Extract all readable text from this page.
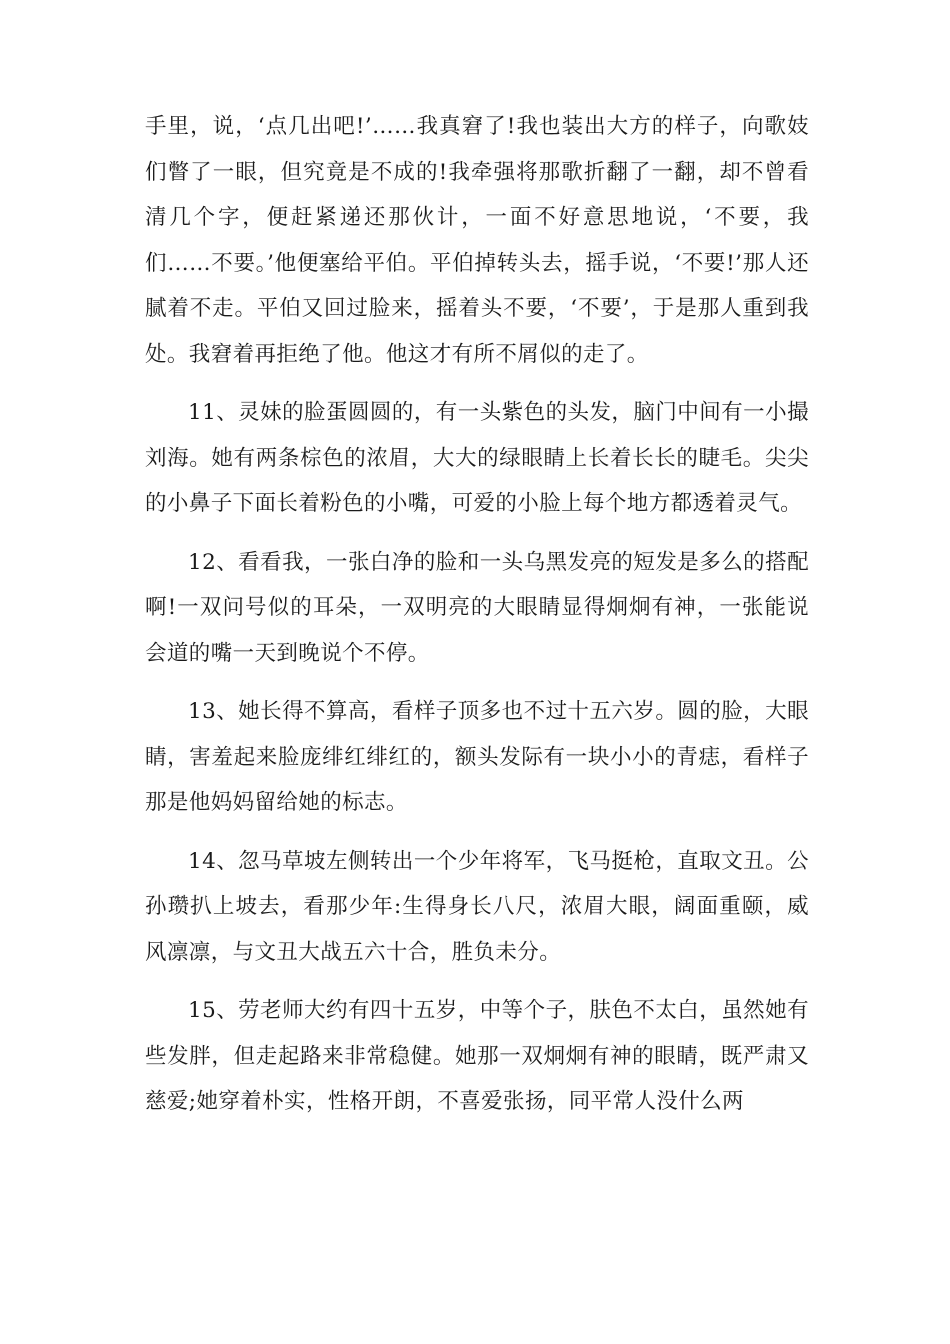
手里，说，‘点几出吧!’……我真窘了!我也装出大方的样子，向歌妓们瞥了一眼，但究竟是不成的!我牵强将那歌折翻了一翻，却不曾看清几个字，便赶紧递还那伙计，一面不好意思地说，‘不要，我们……不要。’他便塞给平伯。平伯掉转头去，摇手说，‘不要!’那人还腻着不走。平伯又回过脸来，摇着头不要，‘不要’，于是那人重到我处。我窘着再拒绝了他。他这才有所不屑似的走了。

11、灵妹的脸蛋圆圆的，有一头紫色的头发，脑门中间有一小撮刘海。她有两条棕色的浓眉，大大的绿眼睛上长着长长的睫毛。尖尖的小鼻子下面长着粉色的小嘴，可爱的小脸上每个地方都透着灵气。

12、看看我，一张白净的脸和一头乌黑发亮的短发是多么的搭配啊!一双问号似的耳朵，一双明亮的大眼睛显得炯炯有神，一张能说会道的嘴一天到晚说个不停。

13、她长得不算高，看样子顶多也不过十五六岁。圆的脸，大眼睛，害羞起来脸庞绯红绯红的，额头发际有一块小小的青痣，看样子那是他妈妈留给她的标志。

14、忽马草坡左侧转出一个少年将军，飞马挺枪，直取文丑。公孙瓒扒上坡去，看那少年:生得身长八尺，浓眉大眼，阔面重颐，威风凛凛，与文丑大战五六十合，胜负未分。

15、劳老师大约有四十五岁，中等个子，肤色不太白，虽然她有些发胖，但走起路来非常稳健。她那一双炯炯有神的眼睛，既严肃又慈爱;她穿着朴实，性格开朗，不喜爱张扬，同平常人没什么两
